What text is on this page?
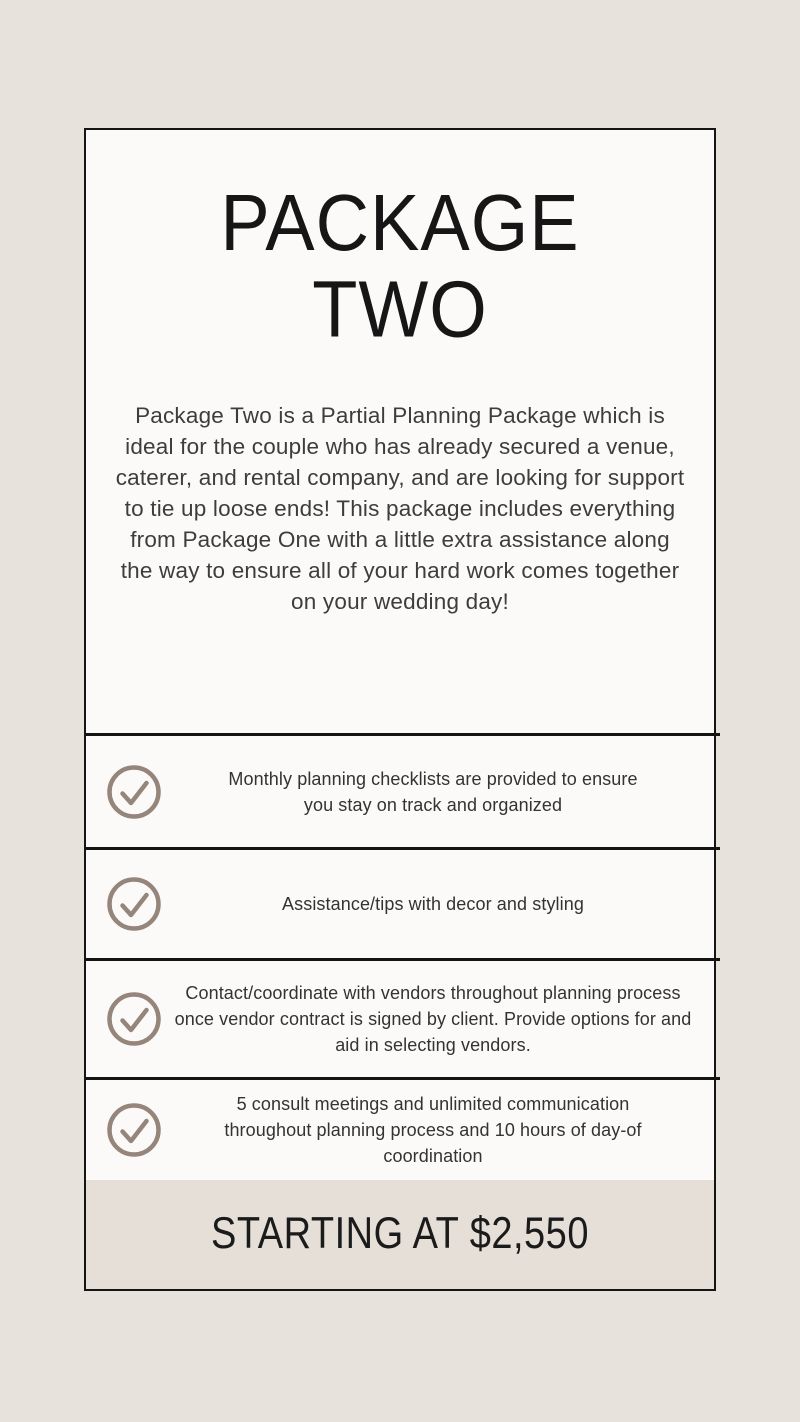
PACKAGE
TWO

Package Two is a Partial Planning Package which is ideal for the couple who has already secured a venue, caterer, and rental company, and are looking for support to tie up loose ends! This package includes everything from Package One with a little extra assistance along the way to ensure all of your hard work comes together on your wedding day!

Monthly planning checklists are provided to ensure you stay on track and organized

Assistance/tips with decor and styling

Contact/coordinate with vendors throughout planning process once vendor contract is signed by client. Provide options for and aid in selecting vendors.

5 consult meetings and unlimited communication throughout planning process and 10 hours of day-of coordination

STARTING AT $2,550
